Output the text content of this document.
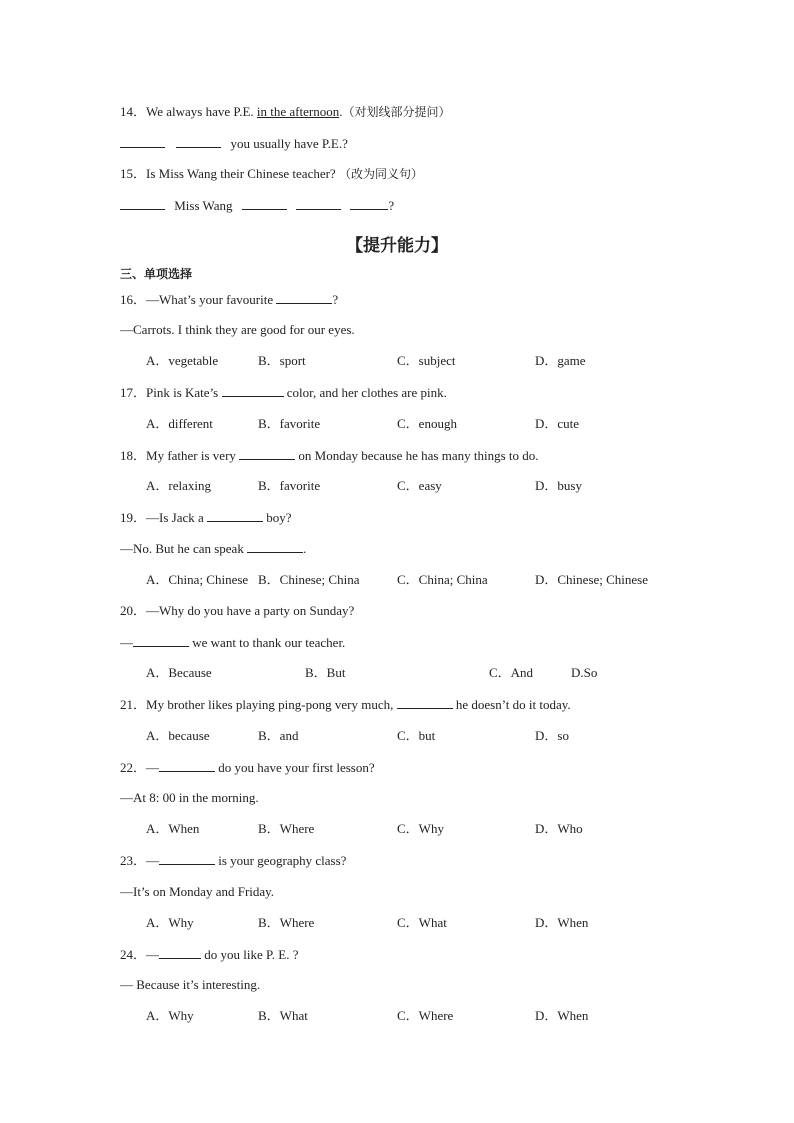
14．We always have P.E. in the afternoon.（对划线部分提问）
you usually have P.E.?
15．Is Miss Wang their Chinese teacher? （改为同义句）
Miss Wang	?
【提升能力】
三、单项选择
16．—What’s your favourite	?
—Carrots. I think they are good for our eyes.
A．vegetable	B．sport	C．subject	D．game
17．Pink is Kate’s	color, and her clothes are pink.
A．different	B．favorite	C．enough	D．cute
18．My father is very	on Monday because he has many things to do.
A．relaxing	B．favorite	C．easy	D．busy
19．—Is Jack a	boy?
—No. But he can speak	.
A．China; Chinese B．Chinese; China	C．China; China	D．Chinese; Chinese
20．—Why do you have a party on Sunday?
—	we want to thank our teacher.
A．Because	B．But	C．And	D.So
21．My brother likes playing ping-pong very much,	he doesn’t do it today.
A．because	B．and	C．but	D．so
22．—	do you have your first lesson?
—At 8: 00 in the morning.
A．When	B．Where	C．Why	D．Who
23．—	is your geography class?
—It’s on Monday and Friday.
A．Why	B．Where	C．What	D．When
24．—	do you like P. E. ?
— Because it’s interesting.
A．Why	B．What	C．Where	D．When
